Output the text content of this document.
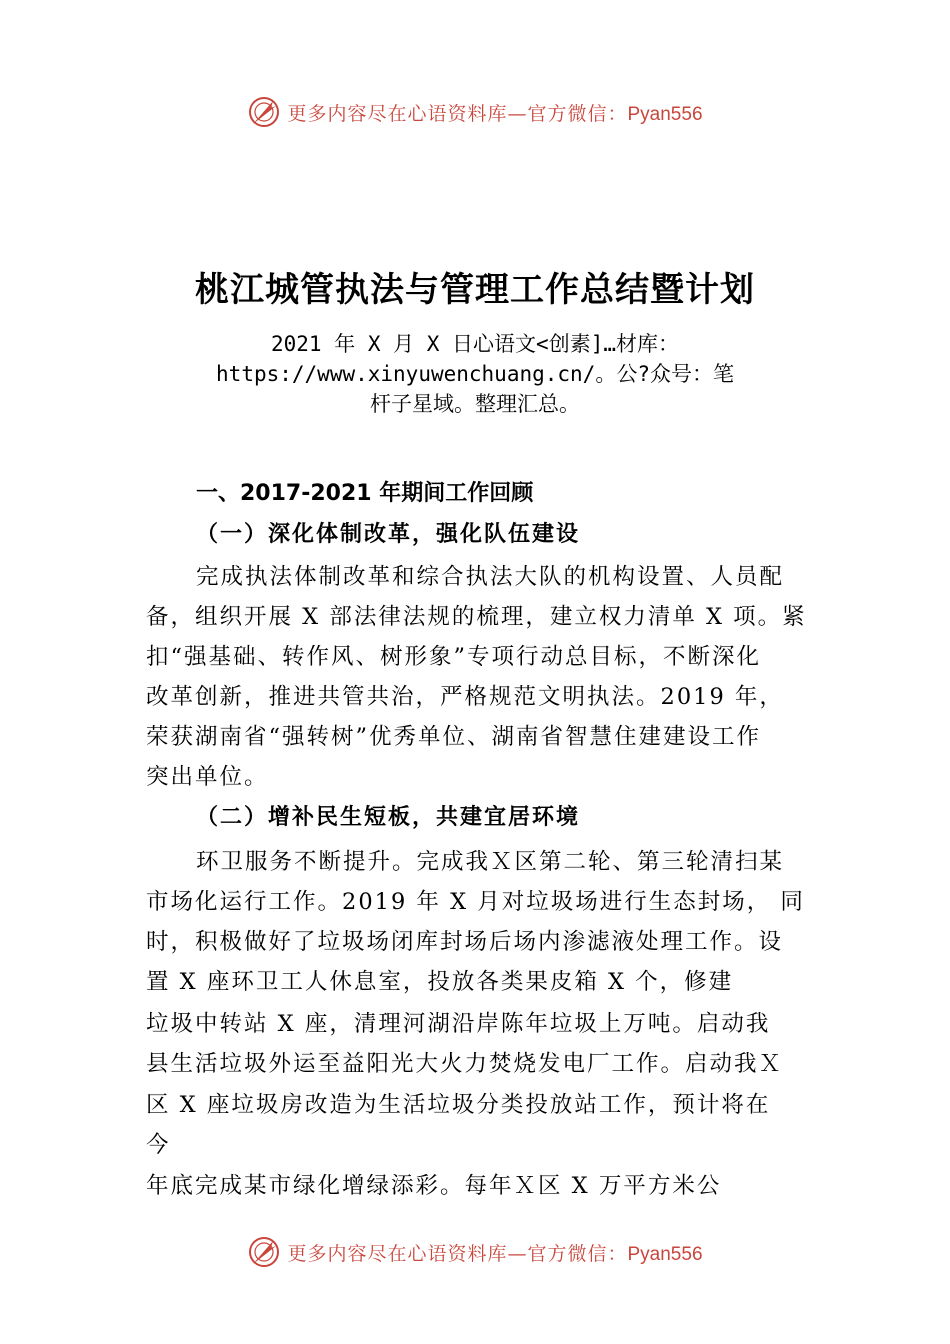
更多内容尽在心语资料库—官方微信：Pyan556
桃江城管执法与管理工作总结暨计划
2021 年 X 月 X 日心语文<创素]…材库：
https://www.xinyuwenchuang.cn/。公?众号：笔
杆子星域。整理汇总。
一、2017-2021 年期间工作回顾
（一）深化体制改革，强化队伍建设
完成执法体制改革和综合执法大队的机构设置、人员配
备，组织开展 X 部法律法规的梳理，建立权力清单 X 项。紧
扣“强基础、转作风、树形象”专项行动总目标，不断深化
改革创新，推进共管共治，严格规范文明执法。2019 年，
荣获湖南省“强转树”优秀单位、湖南省智慧住建建设工作
突出单位。
（二）增补民生短板，共建宜居环境
环卫服务不断提升。完成我Ｘ区第二轮、第三轮清扫某
市场化运行工作。2019 年 X 月对垃圾场进行生态封场， 同
时，积极做好了垃圾场闭库封场后场内渗滤液处理工作。设
置 X 座环卫工人休息室，投放各类果皮箱 X 个，修建
垃圾中转站 X 座，清理河湖沿岸陈年垃圾上万吨。启动我
县生活垃圾外运至益阳光大火力焚烧发电厂工作。启动我Ｘ
区 X 座垃圾房改造为生活垃圾分类投放站工作，预计将在
今
年底完成某市绿化增绿添彩。每年Ｘ区 X 万平方米公
更多内容尽在心语资料库—官方微信：Pyan556
